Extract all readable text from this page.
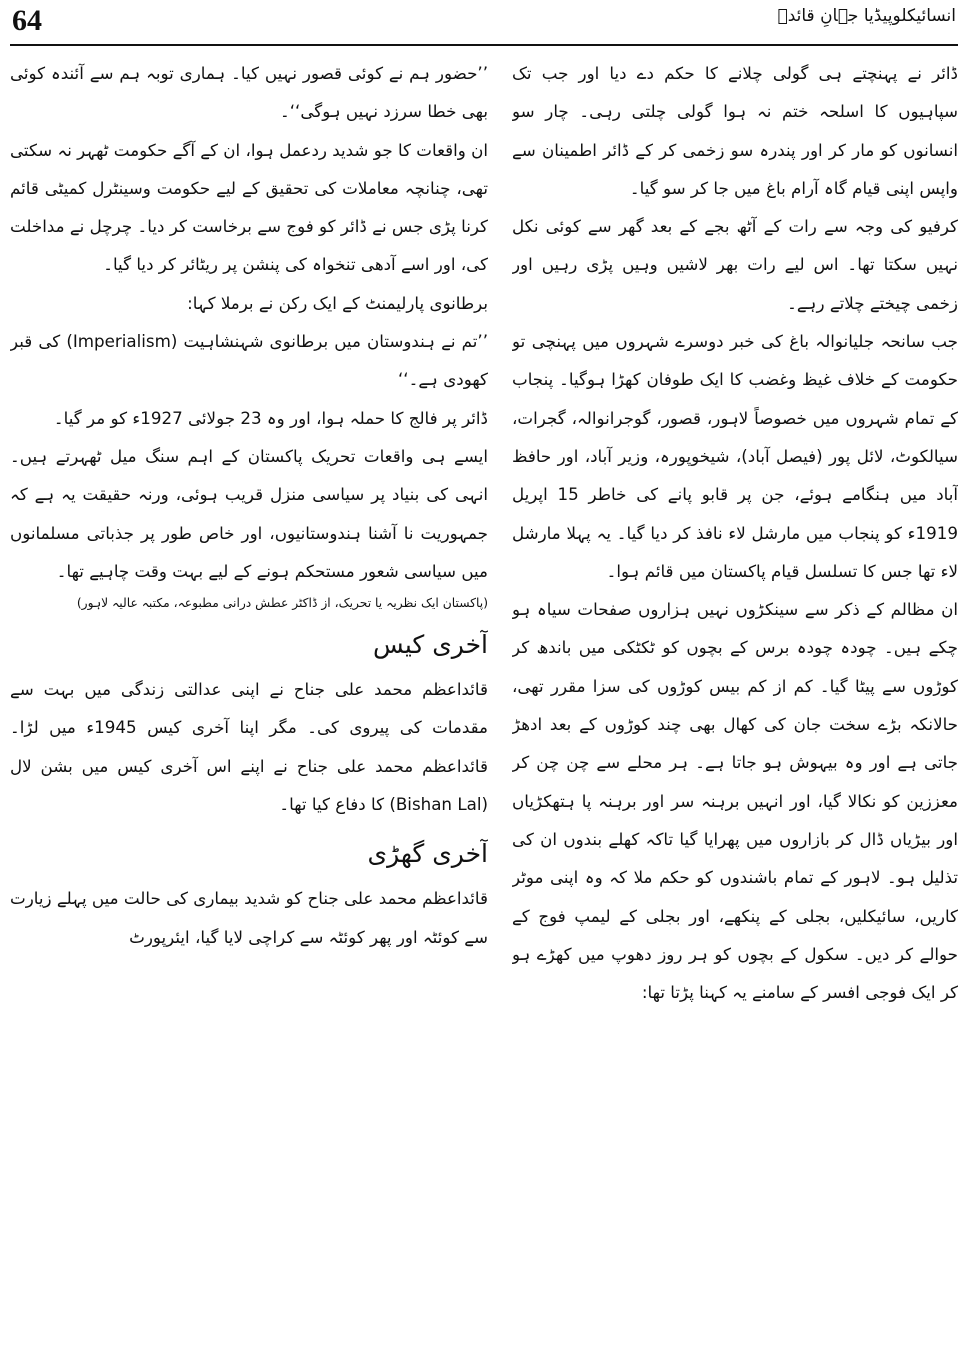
64	انسائیکلوپیڈیا جہانِ قائدؒ

ڈائر نے پہنچتے ہی گولی چلانے کا حکم دے دیا اور جب تک سپاہیوں کا اسلحہ ختم نہ ہوا گولی چلتی رہی۔ چار سو انسانوں کو مار کر اور پندرہ سو زخمی کر کے ڈائر اطمینان سے واپس اپنی قیام گاہ آرام باغ میں جا کر سو گیا۔

کرفیو کی وجہ سے رات کے آٹھ بجے کے بعد گھر سے کوئی نکل نہیں سکتا تھا۔ اس لیے رات بھر لاشیں وہیں پڑی رہیں اور زخمی چیختے چلاتے رہے۔

جب سانحہ جلیانوالہ باغ کی خبر دوسرے شہروں میں پہنچی تو حکومت کے خلاف غیظ وغضب کا ایک طوفان کھڑا ہوگیا۔ پنجاب کے تمام شہروں میں خصوصاً لاہور، قصور، گوجرانوالہ، گجرات، سیالکوٹ، لائل پور (فیصل آباد)، شیخوپورہ، وزیر آباد، اور حافظ آباد میں ہنگامے ہوئے، جن پر قابو پانے کی خاطر 15 اپریل 1919ء کو پنجاب میں مارشل لاء نافذ کر دیا گیا۔ یہ پہلا مارشل لاء تھا جس کا تسلسل قیام پاکستان میں قائم ہوا۔

ان مظالم کے ذکر سے سینکڑوں نہیں ہزاروں صفحات سیاہ ہو چکے ہیں۔ چودہ چودہ برس کے بچوں کو ٹکٹکی میں باندھ کر کوڑوں سے پیٹا گیا۔ کم از کم بیس کوڑوں کی سزا مقرر تھی، حالانکہ بڑے سخت جان کی کھال بھی چند کوڑوں کے بعد ادھڑ جاتی ہے اور وہ بیہوش ہو جاتا ہے۔ ہر محلے سے چن چن کر معززین کو نکالا گیا، اور انہیں برہنہ سر اور برہنہ پا ہتھکڑیاں اور بیڑیاں ڈال کر بازاروں میں پھرایا گیا تاکہ کھلے بندوں ان کی تذلیل ہو۔ لاہور کے تمام باشندوں کو حکم ملا کہ وہ اپنی موٹر کاریں، سائیکلیں، بجلی کے پنکھے، اور بجلی کے لیمپ فوج کے حوالے کر دیں۔ سکول کے بچوں کو ہر روز دھوپ میں کھڑے ہو کر ایک فوجی افسر کے سامنے یہ کہنا پڑتا تھا:

’’حضور ہم نے کوئی قصور نہیں کیا۔ ہماری توبہ ہم سے آئندہ کوئی بھی خطا سرزد نہیں ہوگی‘‘۔

ان واقعات کا جو شدید ردعمل ہوا، ان کے آگے حکومت ٹھہر نہ سکتی تھی، چنانچہ معاملات کی تحقیق کے لیے حکومت وسینٹرل کمیٹی قائم کرنا پڑی جس نے ڈائر کو فوج سے برخاست کر دیا۔ چرچل نے مداخلت کی، اور اسے آدھی تنخواہ کی پنشن پر ریٹائر کر دیا گیا۔

برطانوی پارلیمنٹ کے ایک رکن نے برملا کہا:

’’تم نے ہندوستان میں برطانوی شہنشاہیت (Imperialism) کی قبر کھودی ہے۔‘‘

ڈائر پر فالج کا حملہ ہوا، اور وہ 23 جولائی 1927ء کو مر گیا۔

ایسے ہی واقعات تحریک پاکستان کے اہم سنگ میل ٹھہرتے ہیں۔ انہی کی بنیاد پر سیاسی منزل قریب ہوئی، ورنہ حقیقت یہ ہے کہ جمہوریت نا آشنا ہندوستانیوں، اور خاص طور پر جذباتی مسلمانوں میں سیاسی شعور مستحکم ہونے کے لیے بہت وقت چاہیے تھا۔

(پاکستان ایک نظریہ یا تحریک، از ڈاکٹر عطش درانی مطبوعہ، مکتبہ عالیہ لاہور)

آخری کیس

قائداعظم محمد علی جناح نے اپنی عدالتی زندگی میں بہت سے مقدمات کی پیروی کی۔ مگر اپنا آخری کیس 1945ء میں لڑا۔ قائداعظم محمد علی جناح نے اپنے اس آخری کیس میں بشن لال (Bishan Lal) کا دفاع کیا تھا۔

آخری گھڑی

قائداعظم محمد علی جناح کو شدید بیماری کی حالت میں پہلے زیارت سے کوئٹہ اور پھر کوئٹہ سے کراچی لایا گیا، ایئرپورٹ
